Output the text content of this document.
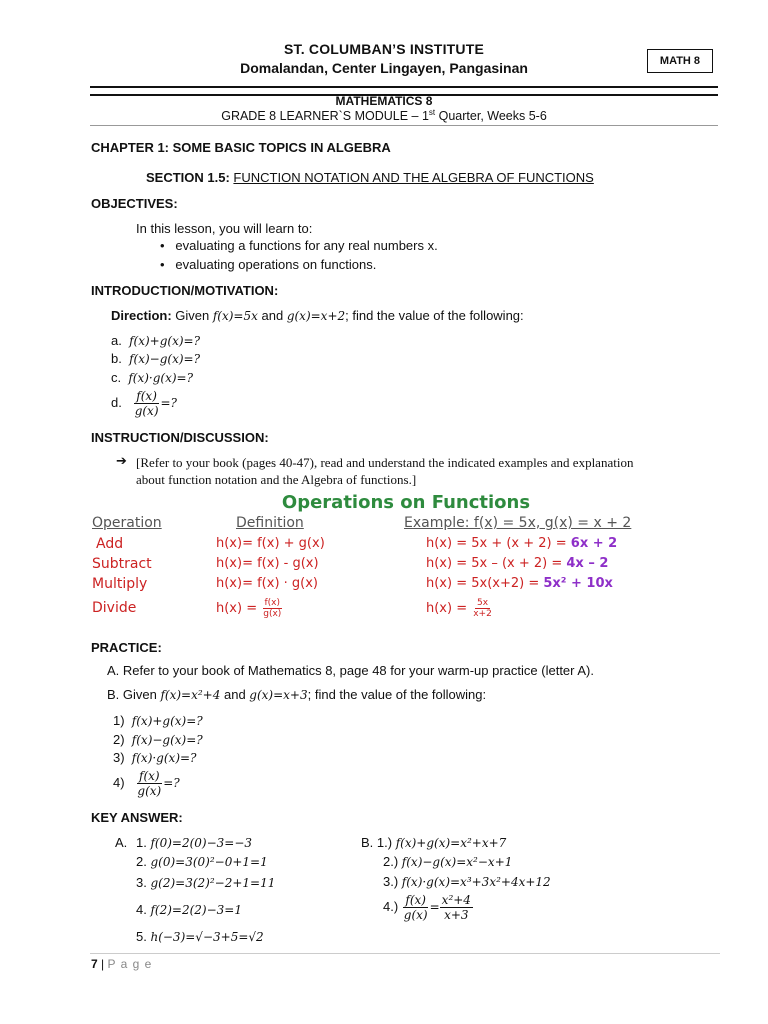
ST. COLUMBAN’S INSTITUTE
Domalandan, Center Lingayen, Pangasinan	MATH 8
MATHEMATICS 8
GRADE 8 LEARNER`S MODULE – 1st Quarter, Weeks 5-6
CHAPTER 1: SOME BASIC TOPICS IN ALGEBRA
SECTION 1.5: FUNCTION NOTATION AND THE ALGEBRA OF FUNCTIONS
OBJECTIVES:
In this lesson, you will learn to:
•   evaluating a functions for any real numbers x.
•   evaluating operations on functions.
INTRODUCTION/MOTIVATION:
Direction: Given f(x)=5x and g(x)=x+2; find the value of the following:
a. f(x)+g(x)=?
b. f(x)−g(x)=?
c. f(x)·g(x)=?
d. $\frac{f(x)}{g(x)}$ =?
INSTRUCTION/DISCUSSION:
➔ [Refer to your book (pages 40-47), read and understand the indicated examples and explanation
about function notation and the Algebra of functions.]
Operations on Functions
Operation	Definition	Example: f(x) = 5x, g(x) = x + 2
Add	h(x)= f(x) + g(x)	h(x) = 5x + (x + 2) = 6x + 2
Subtract	h(x)= f(x) - g(x)	h(x) = 5x – (x + 2) = 4x – 2
Multiply	h(x)= f(x) · g(x)	h(x) = 5x(x+2) = 5x² + 10x
Divide	$h(x) = \frac{f(x)}{g(x)}$	$h(x) = \frac{5x}{x+2}$
PRACTICE:
A. Refer to your book of Mathematics 8, page 48 for your warm-up practice (letter A).
B. Given f(x)=x²+4 and g(x)=x+3; find the value of the following:
1) f(x)+g(x)=?
2) f(x)−g(x)=?
3) f(x)·g(x)=?
$4) \frac{f(x)}{g(x)}$ =?
KEY ANSWER:
A. 1. f(0)=2(0)−3=−3
2. g(0)=3(0)²−0+1=1
3. g(2)=3(2)²−2+1=11
4. f(2)=2(2)−3=1
5. h(−3)=√−3+5=√2
B. 1.) f(x)+g(x)=x²+x+7
2.) f(x)−g(x)=x²−x+1
3.) f(x)·g(x)=x³+3x²+4x+12
$4.) \frac{f(x)}{g(x)} = \frac{\text{x²+4}}{x+3}$
7 | P a g e
